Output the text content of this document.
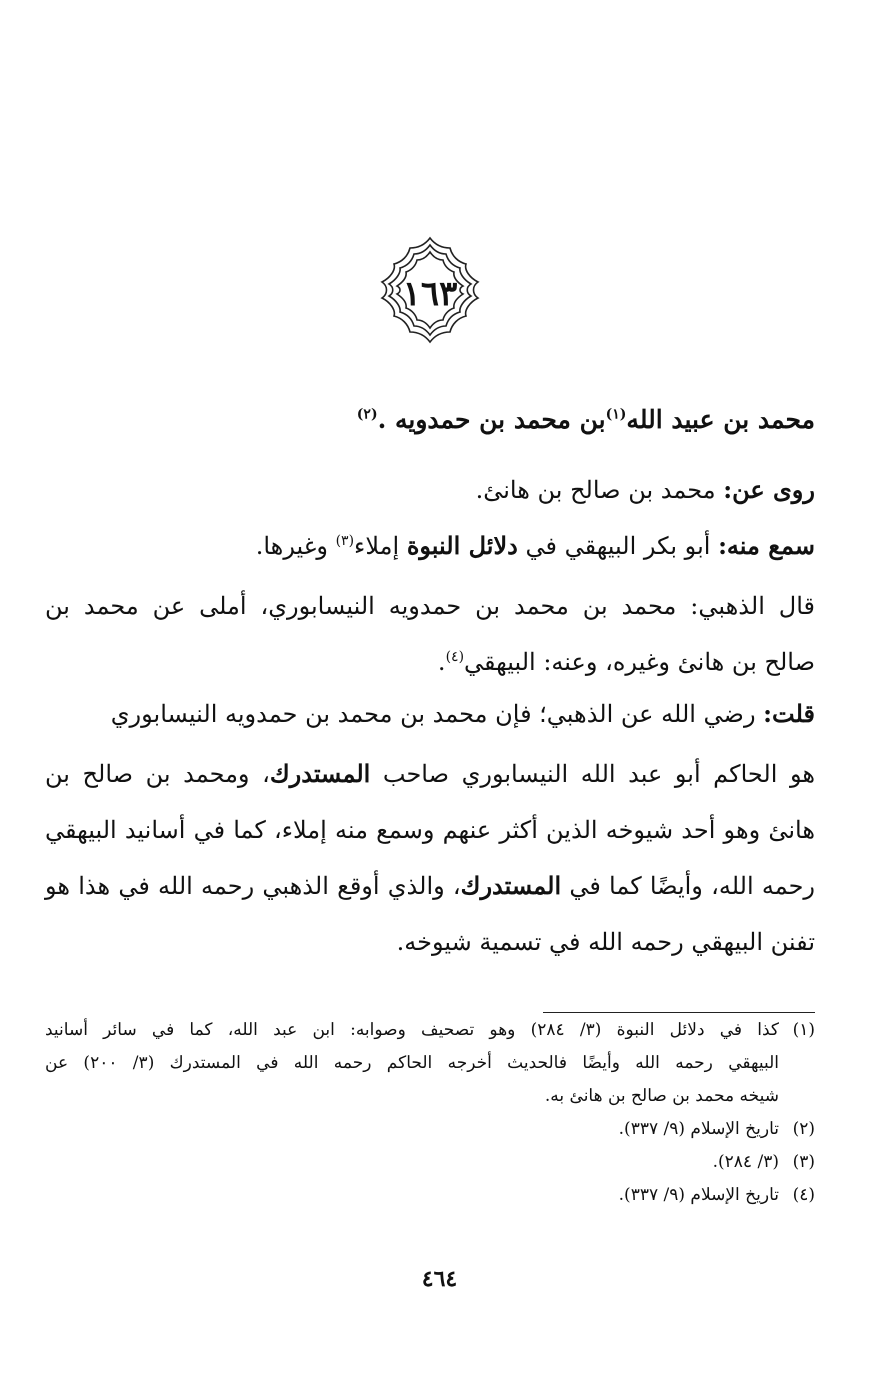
١٦٣
محمد بن عبيد الله$^{(١)}$بن محمد بن حمدويه .$^{(٢)}$
روى عن: محمد بن صالح بن هانئ.
سمع منه: أبو بكر البيهقي في دلائل النبوة إملاء$^{(٣)}$ وغيرها.
قال الذهبي: محمد بن محمد بن حمدويه النيسابوري، أملى عن محمد بن
صالح بن هانئ وغيره، وعنه: البيهقي$^{(٤)}$.
قلت: رضي الله عن الذهبي؛ فإن محمد بن محمد بن حمدويه النيسابوري
هو الحاكم أبو عبد الله النيسابوري صاحب المستدرك، ومحمد بن صالح بن
هانئ وهو أحد شيوخه الذين أكثر عنهم وسمع منه إملاء، كما في أسانيد البيهقي
رحمه الله، وأيضًا كما في المستدرك، والذي أوقع الذهبي رحمه الله في هذا هو
تفنن البيهقي رحمه الله في تسمية شيوخه.
(١)
كذا في دلائل النبوة (٣/ ٢٨٤) وهو تصحيف وصوابه: ابن عبد الله، كما في سائر أسانيد
البيهقي رحمه الله وأيضًا فالحديث أخرجه الحاكم رحمه الله في المستدرك (٣/ ٢٠٠) عن
شيخه محمد بن صالح بن هانئ به.
(٢)
تاريخ الإسلام (٩/ ٣٣٧).
(٣)
(٣/ ٢٨٤).
(٤)
تاريخ الإسلام (٩/ ٣٣٧).
٤٦٤
